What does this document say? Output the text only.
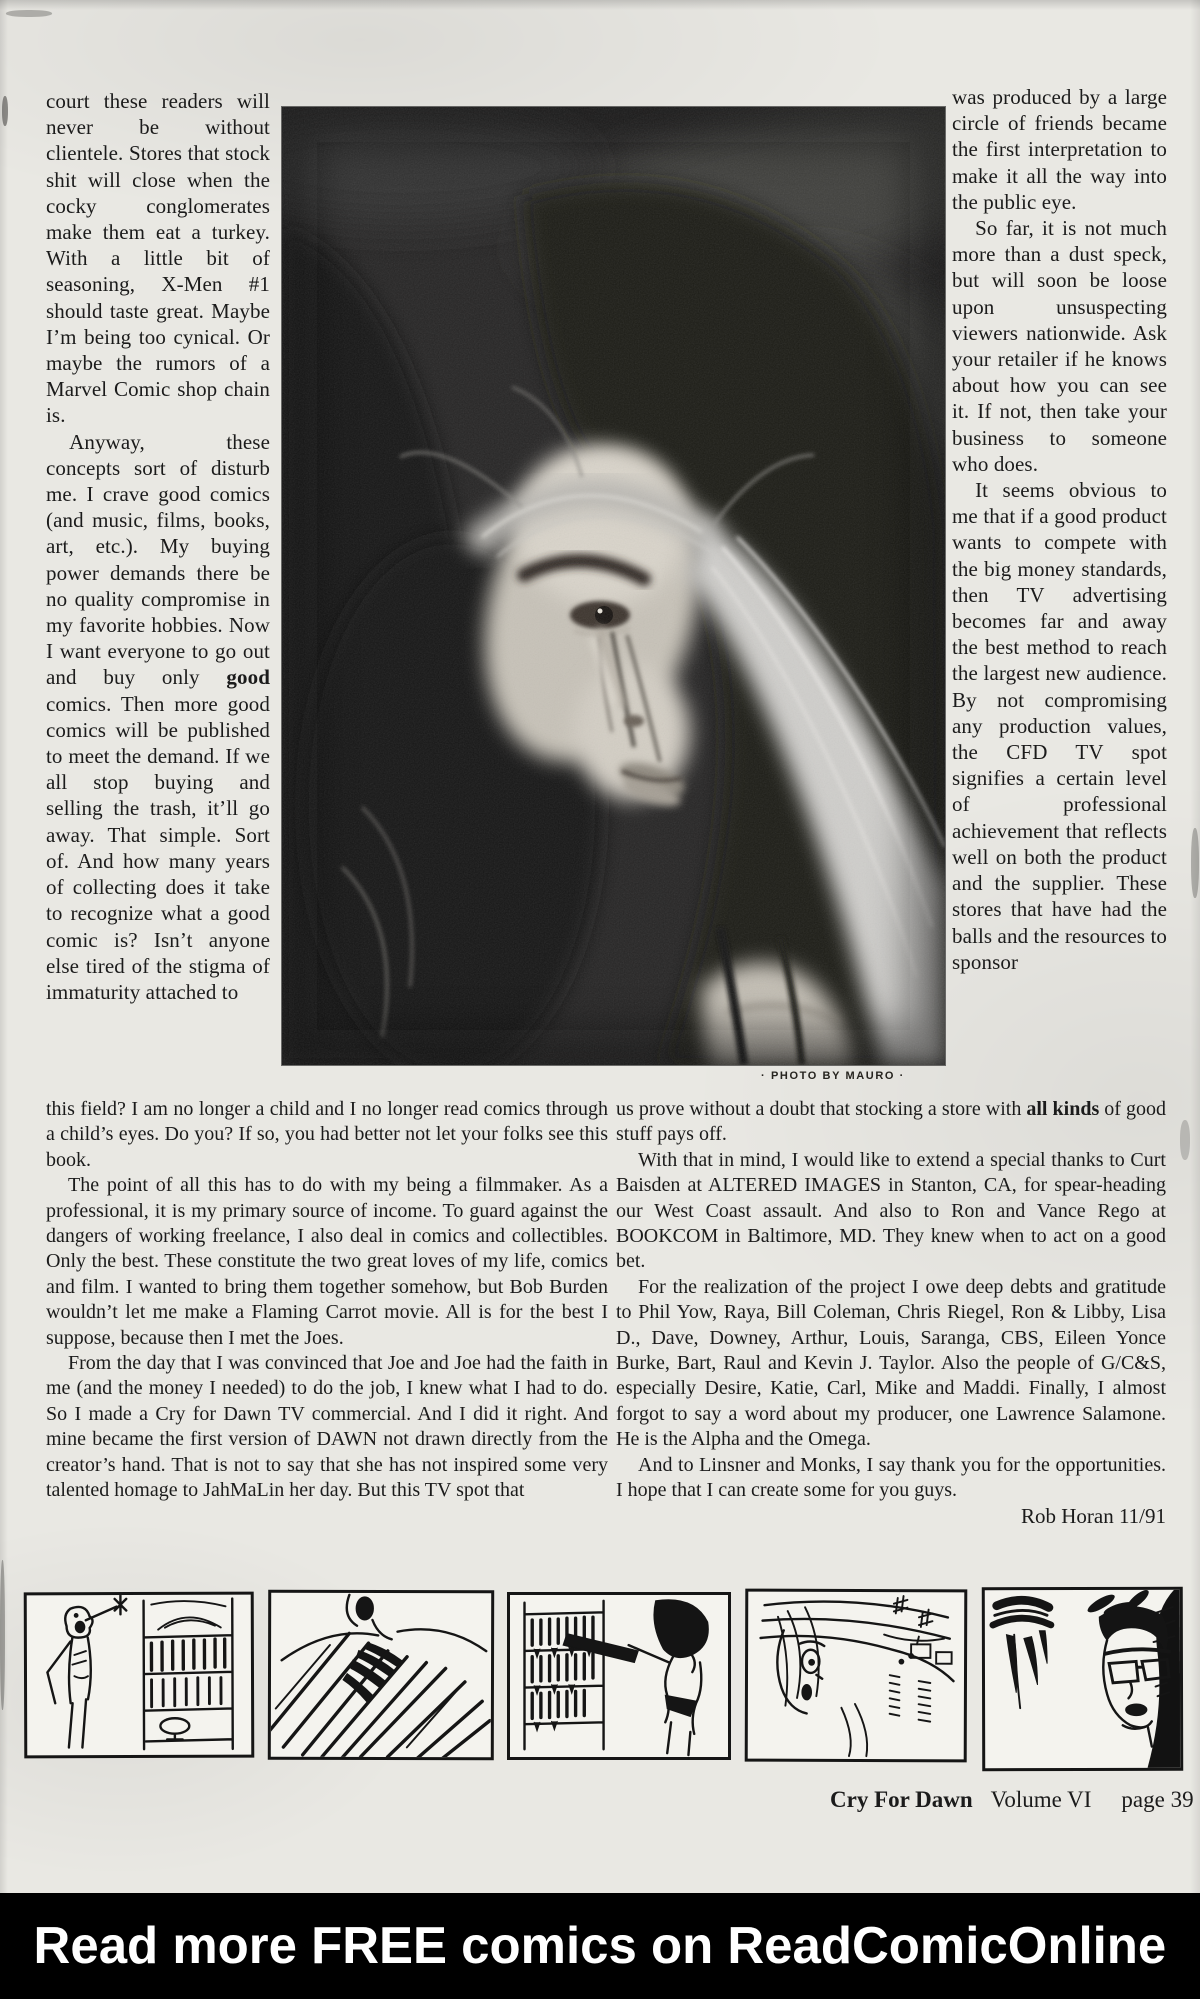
court these readers will never be without clientele. Stores that stock shit will close when the cocky conglomerates make them eat a turkey. With a little bit of seasoning, X-Men #1 should taste great. Maybe I’m being too cynical. Or maybe the rumors of a Marvel Comic shop chain is.

Anyway, these concepts sort of disturb me. I crave good comics (and music, films, books, art, etc.). My buying power demands there be no quality compromise in my favorite hobbies. Now I want everyone to go out and buy only good comics. Then more good comics will be published to meet the demand. If we all stop buying and selling the trash, it’ll go away. That simple. Sort of. And how many years of collecting does it take to recognize what a good comic is? Isn’t anyone else tired of the stigma of immaturity attached to

· PHOTO BY MAURO ·

was produced by a large circle of friends became the first interpretation to make it all the way into the public eye.

So far, it is not much more than a dust speck, but will soon be loose upon unsuspecting viewers nationwide. Ask your retailer if he knows about how you can see it. If not, then take your business to someone who does.

It seems obvious to me that if a good product wants to compete with the big money standards, then TV advertising becomes far and away the best method to reach the largest new audience. By not compromising any production values, the CFD TV spot signifies a certain level of professional achievement that reflects well on both the product and the supplier. These stores that have had the balls and the resources to sponsor

this field? I am no longer a child and I no longer read comics through a child’s eyes. Do you? If so, you had better not let your folks see this book.

The point of all this has to do with my being a filmmaker. As a professional, it is my primary source of income. To guard against the dangers of working freelance, I also deal in comics and collectibles. Only the best. These constitute the two great loves of my life, comics and film. I wanted to bring them together somehow, but Bob Burden wouldn’t let me make a Flaming Carrot movie. All is for the best I suppose, because then I met the Joes.

From the day that I was convinced that Joe and Joe had the faith in me (and the money I needed) to do the job, I knew what I had to do. So I made a Cry for Dawn TV commercial. And I did it right. And mine became the first version of DAWN not drawn directly from the creator’s hand. That is not to say that she has not inspired some very talented homage to JahMaLin her day. But this TV spot that

us prove without a doubt that stocking a store with all kinds of good stuff pays off.

With that in mind, I would like to extend a special thanks to Curt Baisden at ALTERED IMAGES in Stanton, CA, for spear-heading our West Coast assault. And also to Ron and Vance Rego at BOOKCOM in Baltimore, MD. They knew when to act on a good bet.

For the realization of the project I owe deep debts and gratitude to Phil Yow, Raya, Bill Coleman, Chris Riegel, Ron & Libby, Lisa D., Dave, Downey, Arthur, Louis, Saranga, CBS, Eileen Yonce Burke, Bart, Raul and Kevin J. Taylor. Also the people of G/C&S, especially Desire, Katie, Carl, Mike and Maddi. Finally, I almost forgot to say a word about my producer, one Lawrence Salamone. He is the Alpha and the Omega.

And to Linsner and Monks, I say thank you for the opportunities. I hope that I can create some for you guys.

Rob Horan 11/91

Cry For Dawn Volume VI page 39
Read more FREE comics on ReadComicOnline
